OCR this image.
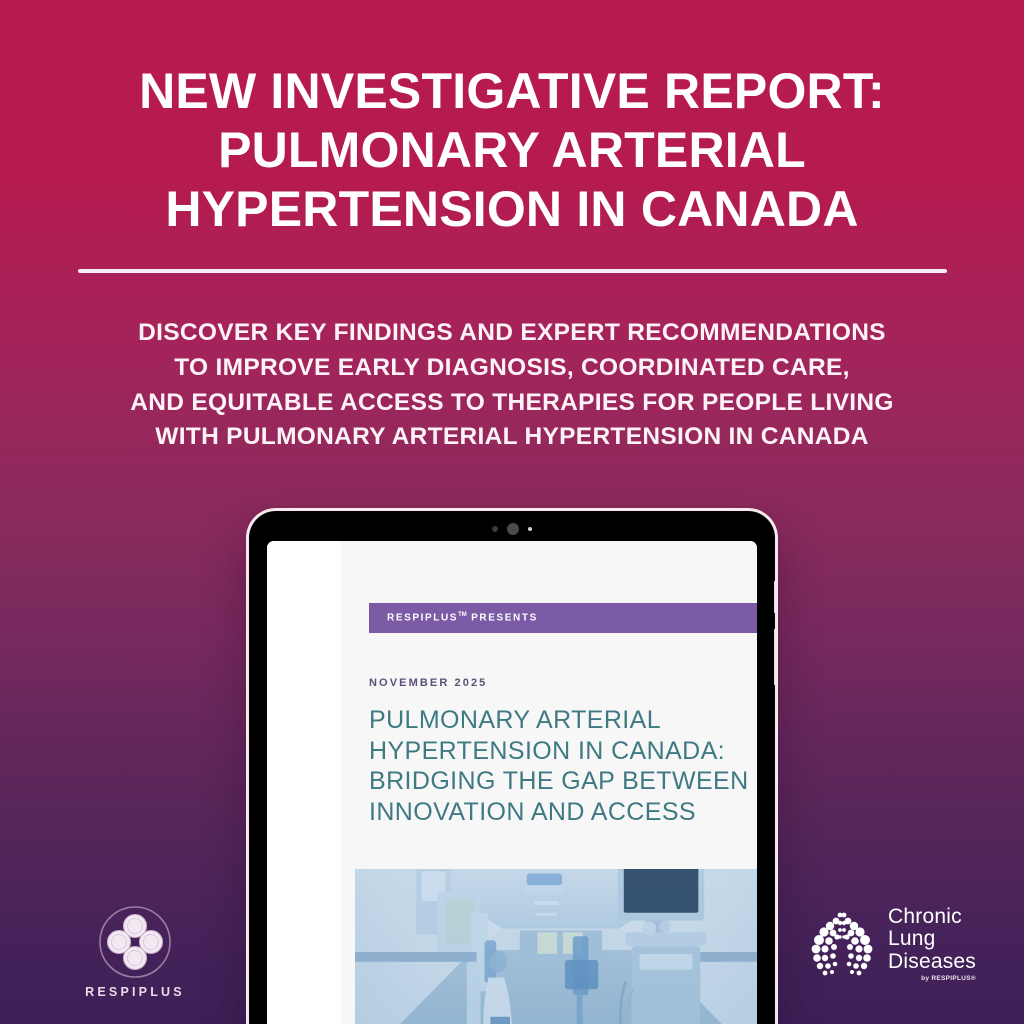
NEW INVESTIGATIVE REPORT:
PULMONARY ARTERIAL
HYPERTENSION IN CANADA
DISCOVER KEY FINDINGS AND EXPERT RECOMMENDATIONS
TO IMPROVE EARLY DIAGNOSIS, COORDINATED CARE,
AND EQUITABLE ACCESS TO THERAPIES FOR PEOPLE LIVING
WITH PULMONARY ARTERIAL HYPERTENSION IN CANADA
RESPIPLUS™ PRESENTS
NOVEMBER 2025
PULMONARY ARTERIAL
HYPERTENSION IN CANADA:
BRIDGING THE GAP BETWEEN
INNOVATION AND ACCESS
RESPIPLUS
Chronic
Lung
Diseases
by RESPIPLUS®
